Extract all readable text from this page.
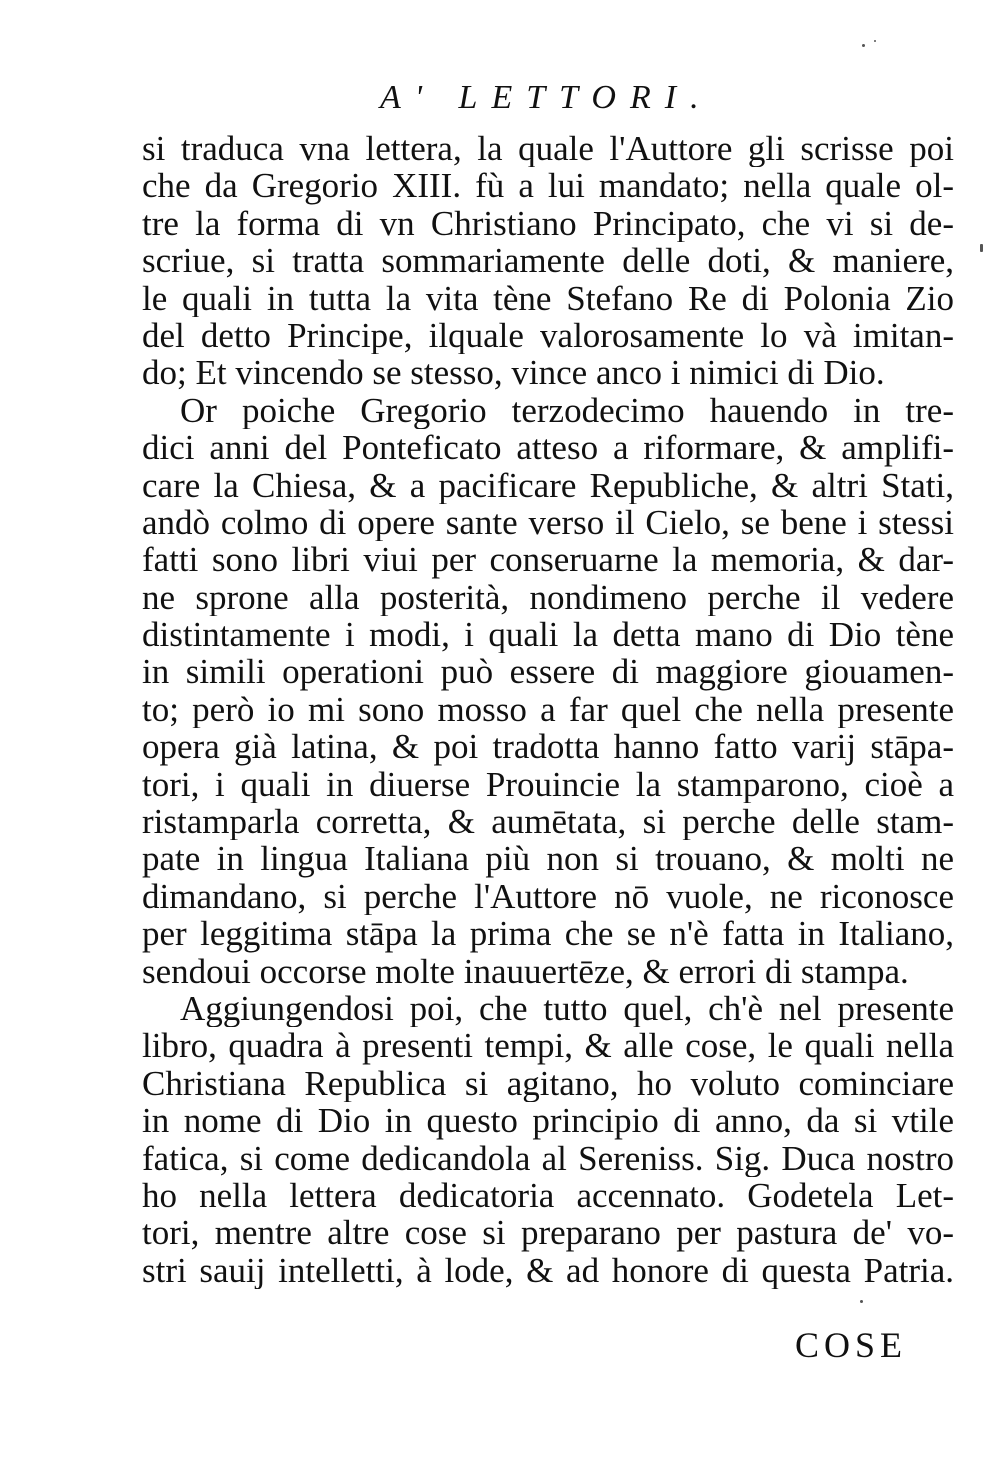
A' LETTORI.
si traduca vna lettera, la quale l'Auttore gli scrisse poi
che da Gregorio XIII. fù a lui mandato; nella quale ol-
tre la forma di vn Christiano Principato, che vi si de-
scriue, si tratta sommariamente delle doti, & maniere,
le quali in tutta la vita tène Stefano Re di Polonia Zio
del detto Principe, ilquale valorosamente lo và imitan-
do; Et vincendo se stesso, vince anco i nimici di Dio.
Or poiche Gregorio terzodecimo hauendo in tre-
dici anni del Ponteficato atteso a riformare, & amplifi-
care la Chiesa, & a pacificare Republiche, & altri Stati,
andò colmo di opere sante verso il Cielo, se bene i stessi
fatti sono libri viui per conseruarne la memoria, & dar-
ne sprone alla posterità, nondimeno perche il vedere
distintamente i modi, i quali la detta mano di Dio tène
in simili operationi può essere di maggiore giouamen-
to; però io mi sono mosso a far quel che nella presente
opera già latina, & poi tradotta hanno fatto varij stāpa-
tori, i quali in diuerse Prouincie la stamparono, cioè a
ristamparla corretta, & aumētata, si perche delle stam-
pate in lingua Italiana più non si trouano, & molti ne
dimandano, si perche l'Auttore nō vuole, ne riconosce
per leggitima stāpa la prima che se n'è fatta in Italiano,
sendoui occorse molte inauuertēze, & errori di stampa.
Aggiungendosi poi, che tutto quel, ch'è nel presente
libro, quadra à presenti tempi, & alle cose, le quali nella
Christiana Republica si agitano, ho voluto cominciare
in nome di Dio in questo principio di anno, da si vtile
fatica, si come dedicandola al Sereniss. Sig. Duca nostro
ho nella lettera dedicatoria accennato. Godetela Let-
tori, mentre altre cose si preparano per pastura de' vo-
stri sauij intelletti, à lode, & ad honore di questa Patria.
COSE
